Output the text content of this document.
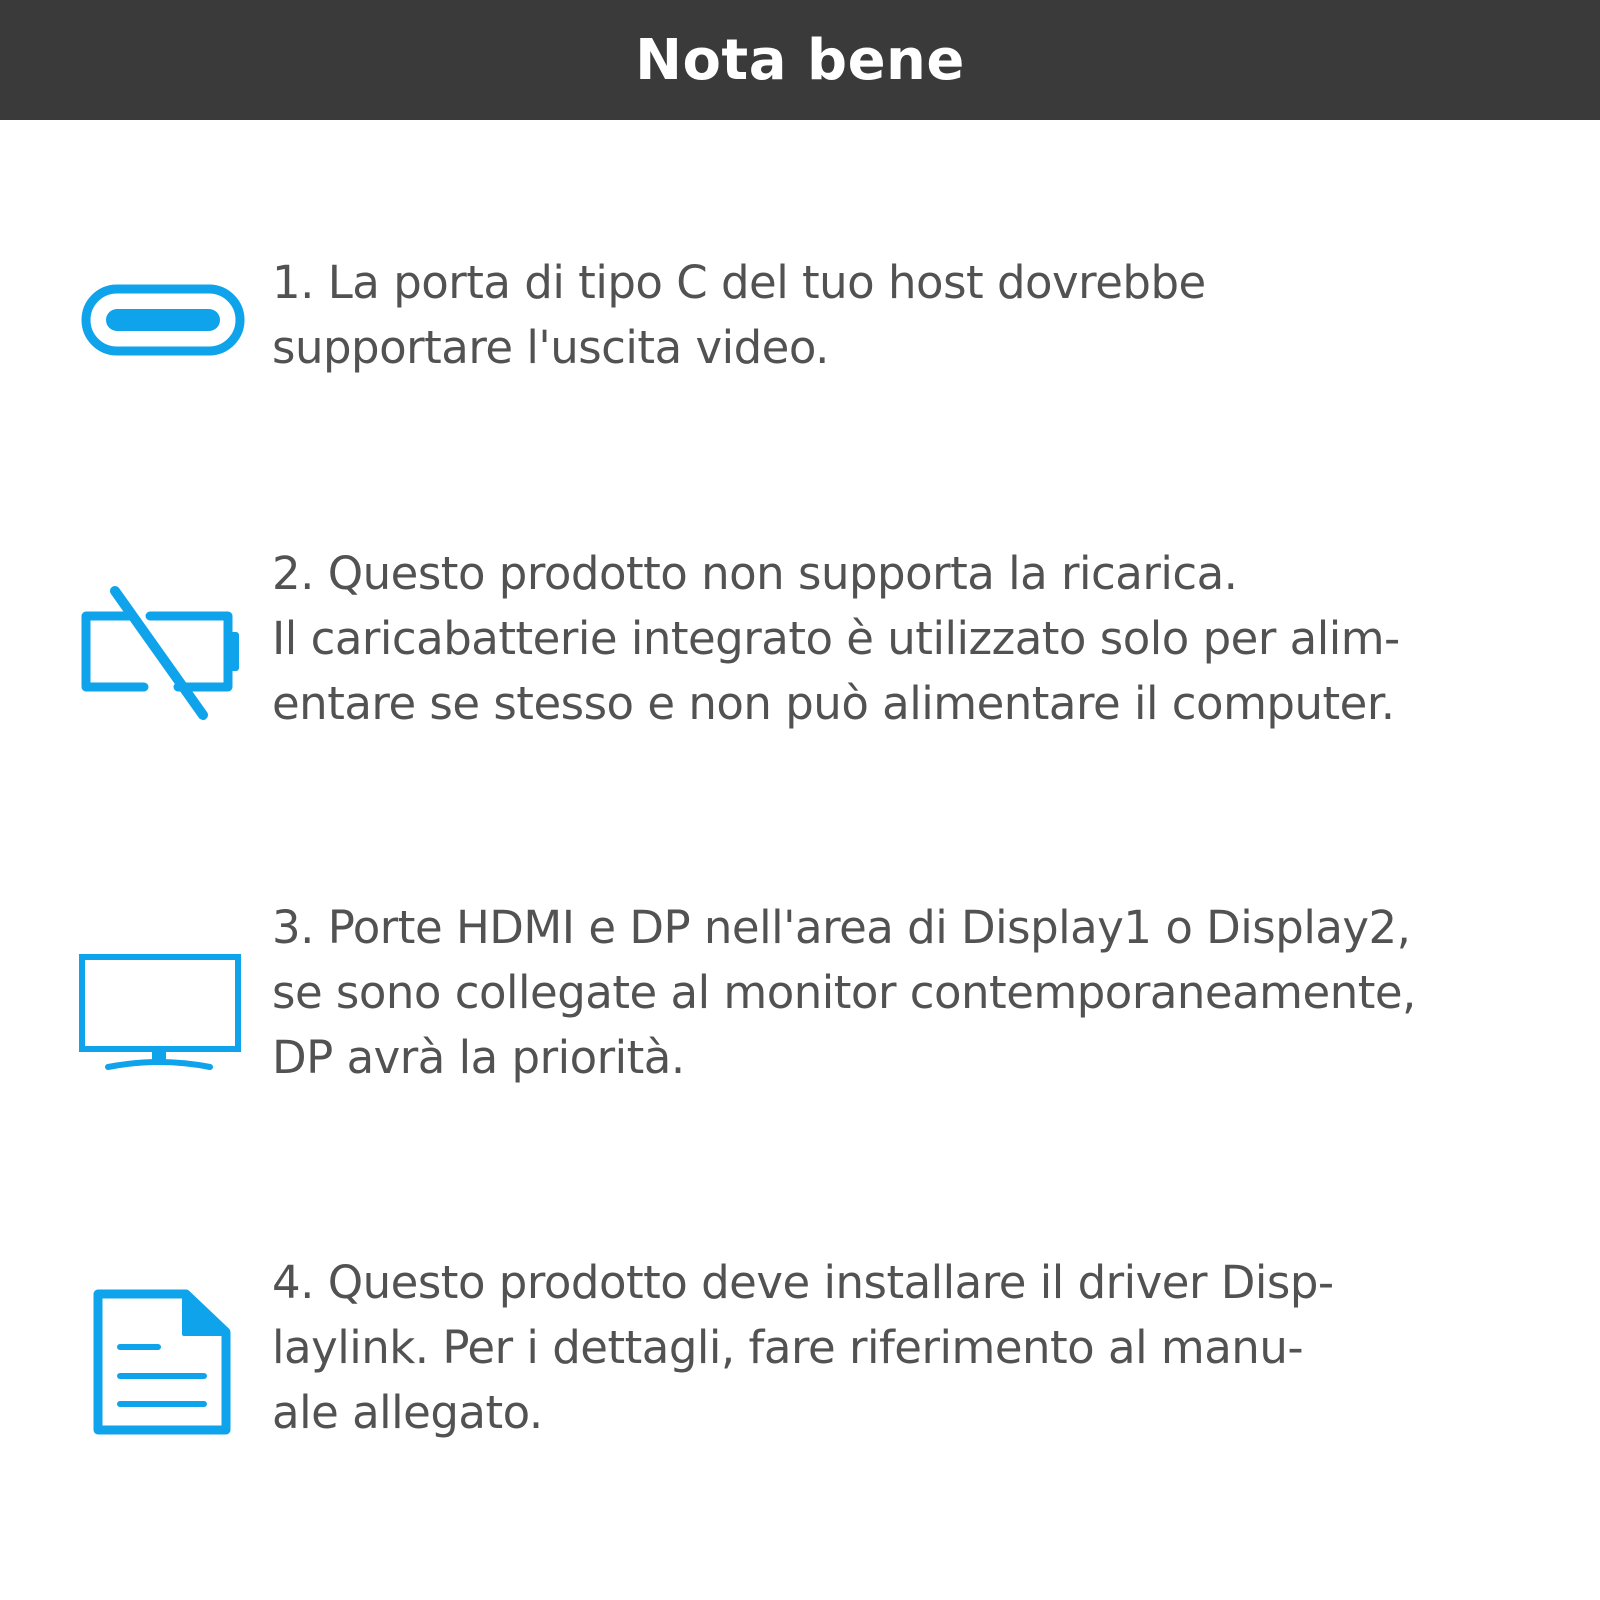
Nota bene
1. La porta di tipo C del tuo host dovrebbe
supportare l'uscita video.
2. Questo prodotto non supporta la ricarica.
Il caricabatterie integrato è utilizzato solo per alim-
entare se stesso e non può alimentare il computer.
3. Porte HDMI e DP nell'area di Display1 o Display2,
se sono collegate al monitor contemporaneamente,
DP avrà la priorità.
4. Questo prodotto deve installare il driver Disp-
laylink. Per i dettagli, fare riferimento al manu-
ale allegato.
